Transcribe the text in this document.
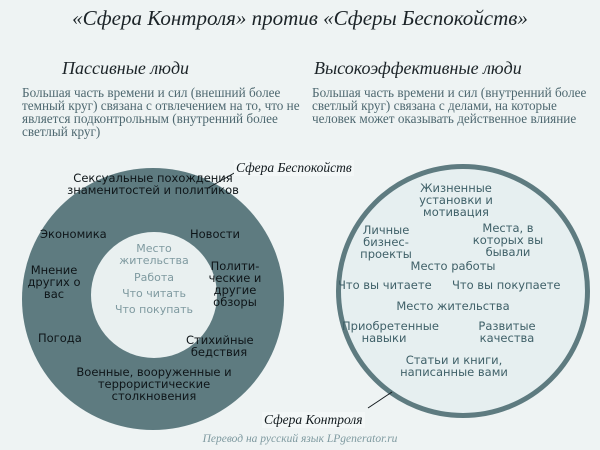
«Сфера Контроля» против «Сферы Беспокойств»
Пассивные люди	Высокоэффективные люди
Большая часть времени и сил (внешний более темный круг) связана с отвлечением на то, что не является подконтрольным (внутренний более светлый круг)
Большая часть времени и сил (внутренний более светлый круг) связана с делами, на которые человек может оказывать действенное влияние
Сексуальные похождения знаменитостей и политиков
Экономика	Новости
Мнение других о вас
Полити-ческие и другие обзоры
Погода	Стихийные бедствия
Военные, вооруженные и террористические столкновения
Место жительства
Работа
Что читать
Что покупать
Жизненные установки и мотивация
Личные бизнес-проекты
Места, в которых вы бывали
Место работы
Что вы читаете Что вы покупаете
Место жительства
Приобретенные навыки
Развитые качества
Статьи и книги, написанные вами
Сфера Беспокойств
Сфера Контроля
Перевод на русский язык LPgenerator.ru
